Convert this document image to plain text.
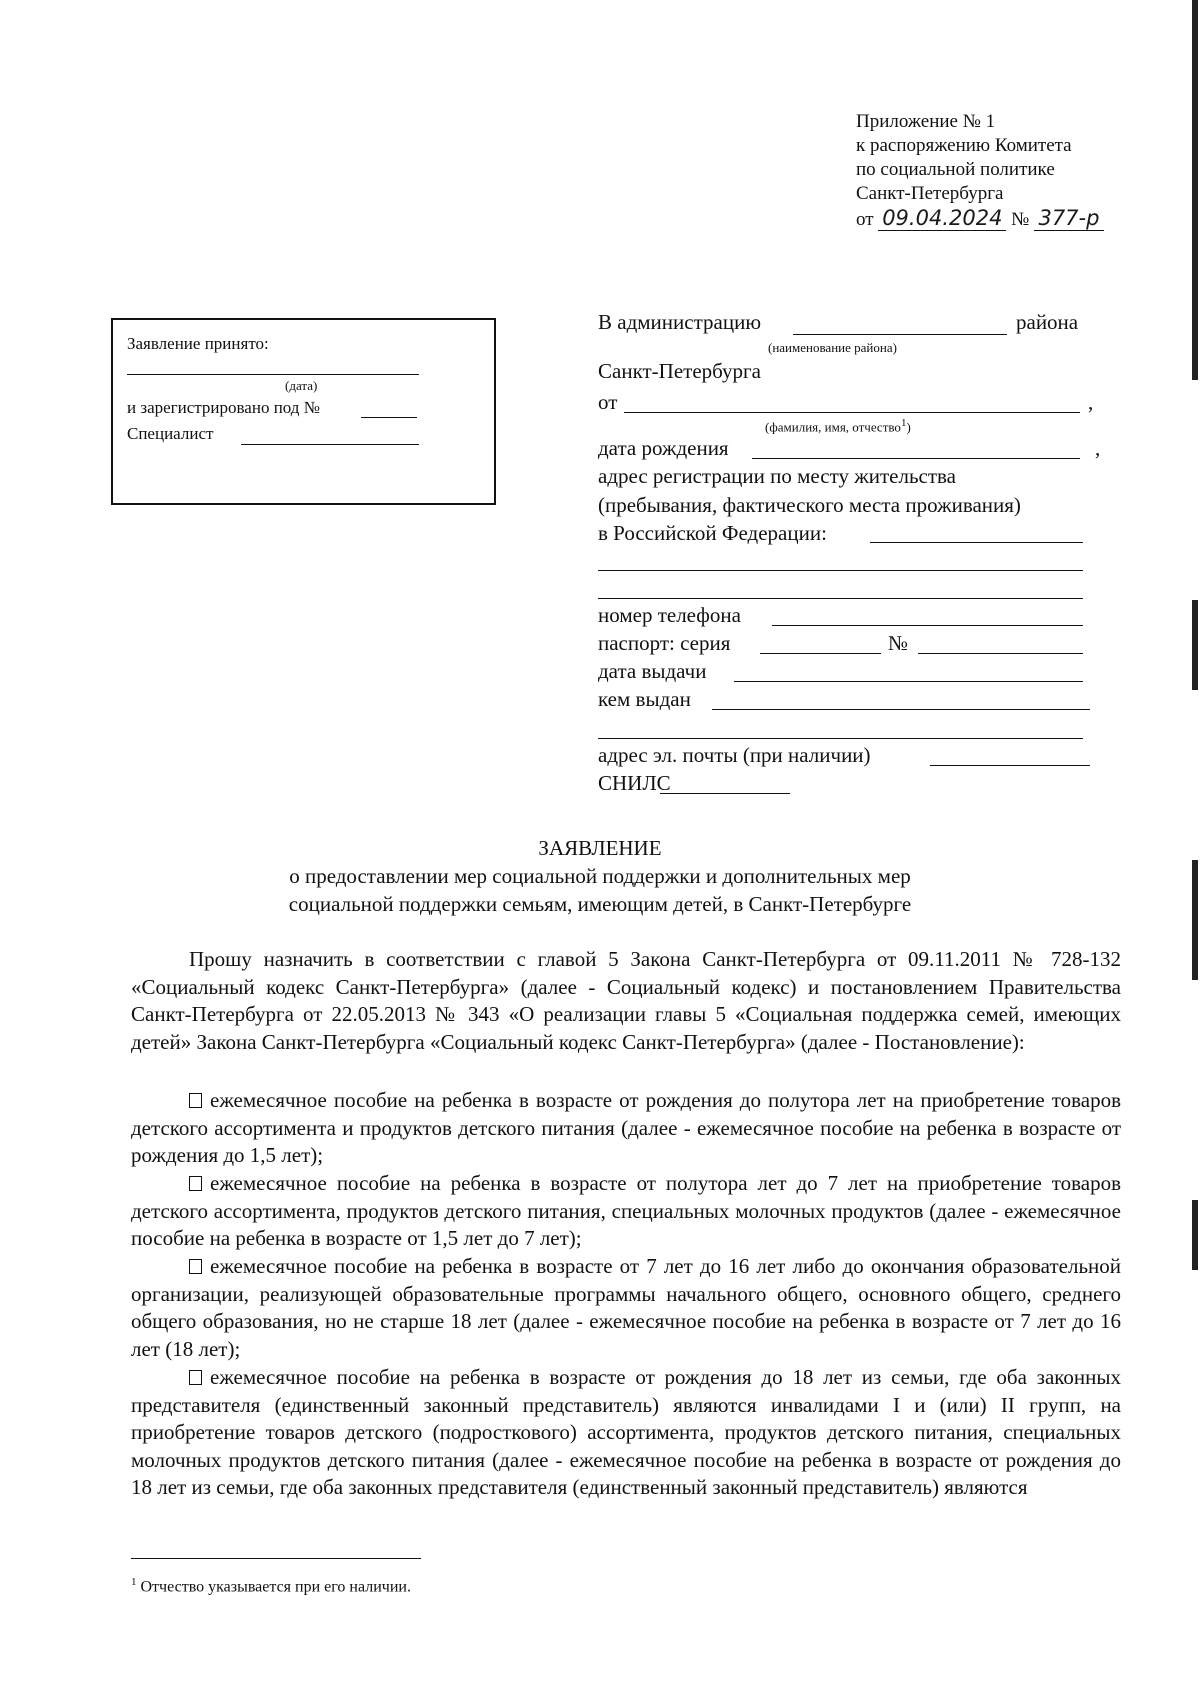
Приложение № 1
к распоряжению Комитета
по социальной политике
Санкт-Петербурга
от 09.04.2024 № 377-р
Заявление принято:
(дата)
и зарегистрировано под №
Специалист
В администрацию	района
(наименование района)
Санкт-Петербурга
от	,
(фамилия, имя, отчество$^1$)
дата рождения	,
адрес регистрации по месту жительства
(пребывания, фактического места проживания)
в Российской Федерации:
номер телефона
паспорт: серия	№
дата выдачи
кем выдан
адрес эл. почты (при наличии)
СНИЛС
ЗАЯВЛЕНИЕ
о предоставлении мер социальной поддержки и дополнительных мер
социальной поддержки семьям, имеющим детей, в Санкт-Петербурге

Прошу назначить в соответствии с главой 5 Закона Санкт-Петербурга от 09.11.2011 № 728-132 «Социальный кодекс Санкт-Петербурга» (далее - Социальный кодекс) и постановлением Правительства Санкт-Петербурга от 22.05.2013 № 343 «О реализации главы 5 «Социальная поддержка семей, имеющих детей» Закона Санкт-Петербурга «Социальный кодекс Санкт-Петербурга» (далее - Постановление):

ежемесячное пособие на ребенка в возрасте от рождения до полутора лет на приобретение товаров детского ассортимента и продуктов детского питания (далее - ежемесячное пособие на ребенка в возрасте от рождения до 1,5 лет);

ежемесячное пособие на ребенка в возрасте от полутора лет до 7 лет на приобретение товаров детского ассортимента, продуктов детского питания, специальных молочных продуктов (далее - ежемесячное пособие на ребенка в возрасте от 1,5 лет до 7 лет);

ежемесячное пособие на ребенка в возрасте от 7 лет до 16 лет либо до окончания образовательной организации, реализующей образовательные программы начального общего, основного общего, среднего общего образования, но не старше 18 лет (далее - ежемесячное пособие на ребенка в возрасте от 7 лет до 16 лет (18 лет);

ежемесячное пособие на ребенка в возрасте от рождения до 18 лет из семьи, где оба законных представителя (единственный законный представитель) являются инвалидами I и (или) II групп, на приобретение товаров детского (подросткового) ассортимента, продуктов детского питания, специальных молочных продуктов детского питания (далее - ежемесячное пособие на ребенка в возрасте от рождения до 18 лет из семьи, где оба законных представителя (единственный законный представитель) являются

$^1$ Отчество указывается при его наличии.
